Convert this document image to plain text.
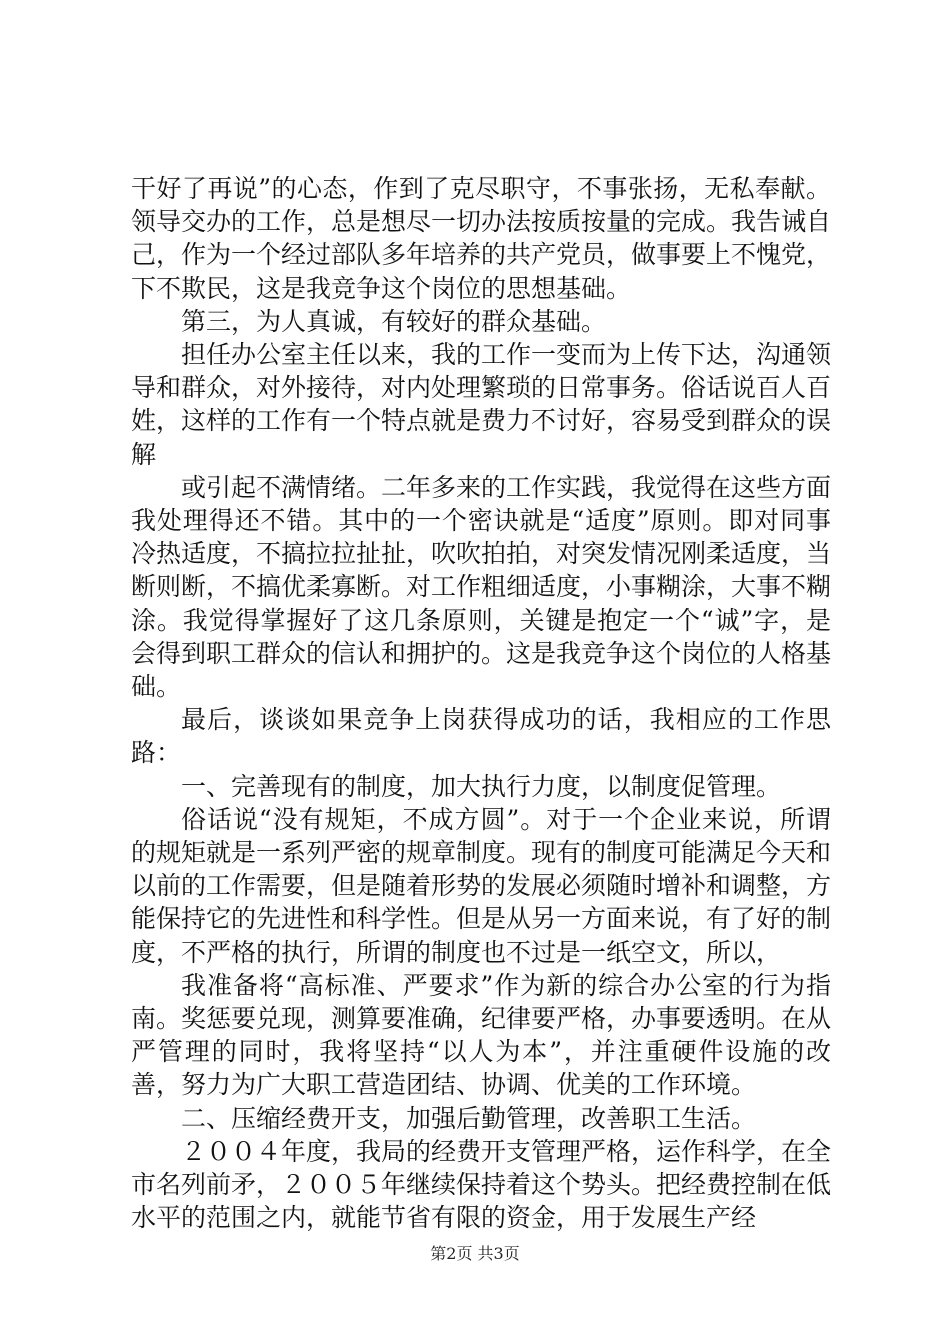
干好了再说”的心态，作到了克尽职守，不事张扬，无私奉献。领导交办的工作，总是想尽一切办法按质按量的完成。我告诫自己，作为一个经过部队多年培养的共产党员，做事要上不愧党，下不欺民，这是我竞争这个岗位的思想基础。

第三，为人真诚，有较好的群众基础。

担任办公室主任以来，我的工作一变而为上传下达，沟通领导和群众，对外接待，对内处理繁琐的日常事务。俗话说百人百姓，这样的工作有一个特点就是费力不讨好，容易受到群众的误解

或引起不满情绪。二年多来的工作实践，我觉得在这些方面我处理得还不错。其中的一个密诀就是“适度”原则。即对同事冷热适度，不搞拉拉扯扯，吹吹拍拍，对突发情况刚柔适度，当断则断，不搞优柔寡断。对工作粗细适度，小事糊涂，大事不糊涂。我觉得掌握好了这几条原则，关键是抱定一个“诚”字，是会得到职工群众的信认和拥护的。这是我竞争这个岗位的人格基础。

最后，谈谈如果竞争上岗获得成功的话，我相应的工作思路：

一、完善现有的制度，加大执行力度，以制度促管理。

俗话说“没有规矩，不成方圆”。对于一个企业来说，所谓的规矩就是一系列严密的规章制度。现有的制度可能满足今天和以前的工作需要，但是随着形势的发展必须随时增补和调整，方能保持它的先进性和科学性。但是从另一方面来说，有了好的制度，不严格的执行，所谓的制度也不过是一纸空文，所以，

我准备将“高标准、严要求”作为新的综合办公室的行为指南。奖惩要兑现，测算要准确，纪律要严格，办事要透明。在从严管理的同时，我将坚持“以人为本”，并注重硬件设施的改善，努力为广大职工营造团结、协调、优美的工作环境。

二、压缩经费开支，加强后勤管理，改善职工生活。

２００４年度，我局的经费开支管理严格，运作科学，在全市名列前矛，２００５年继续保持着这个势头。把经费控制在低水平的范围之内，就能节省有限的资金，用于发展生产经

第2页 共3页
